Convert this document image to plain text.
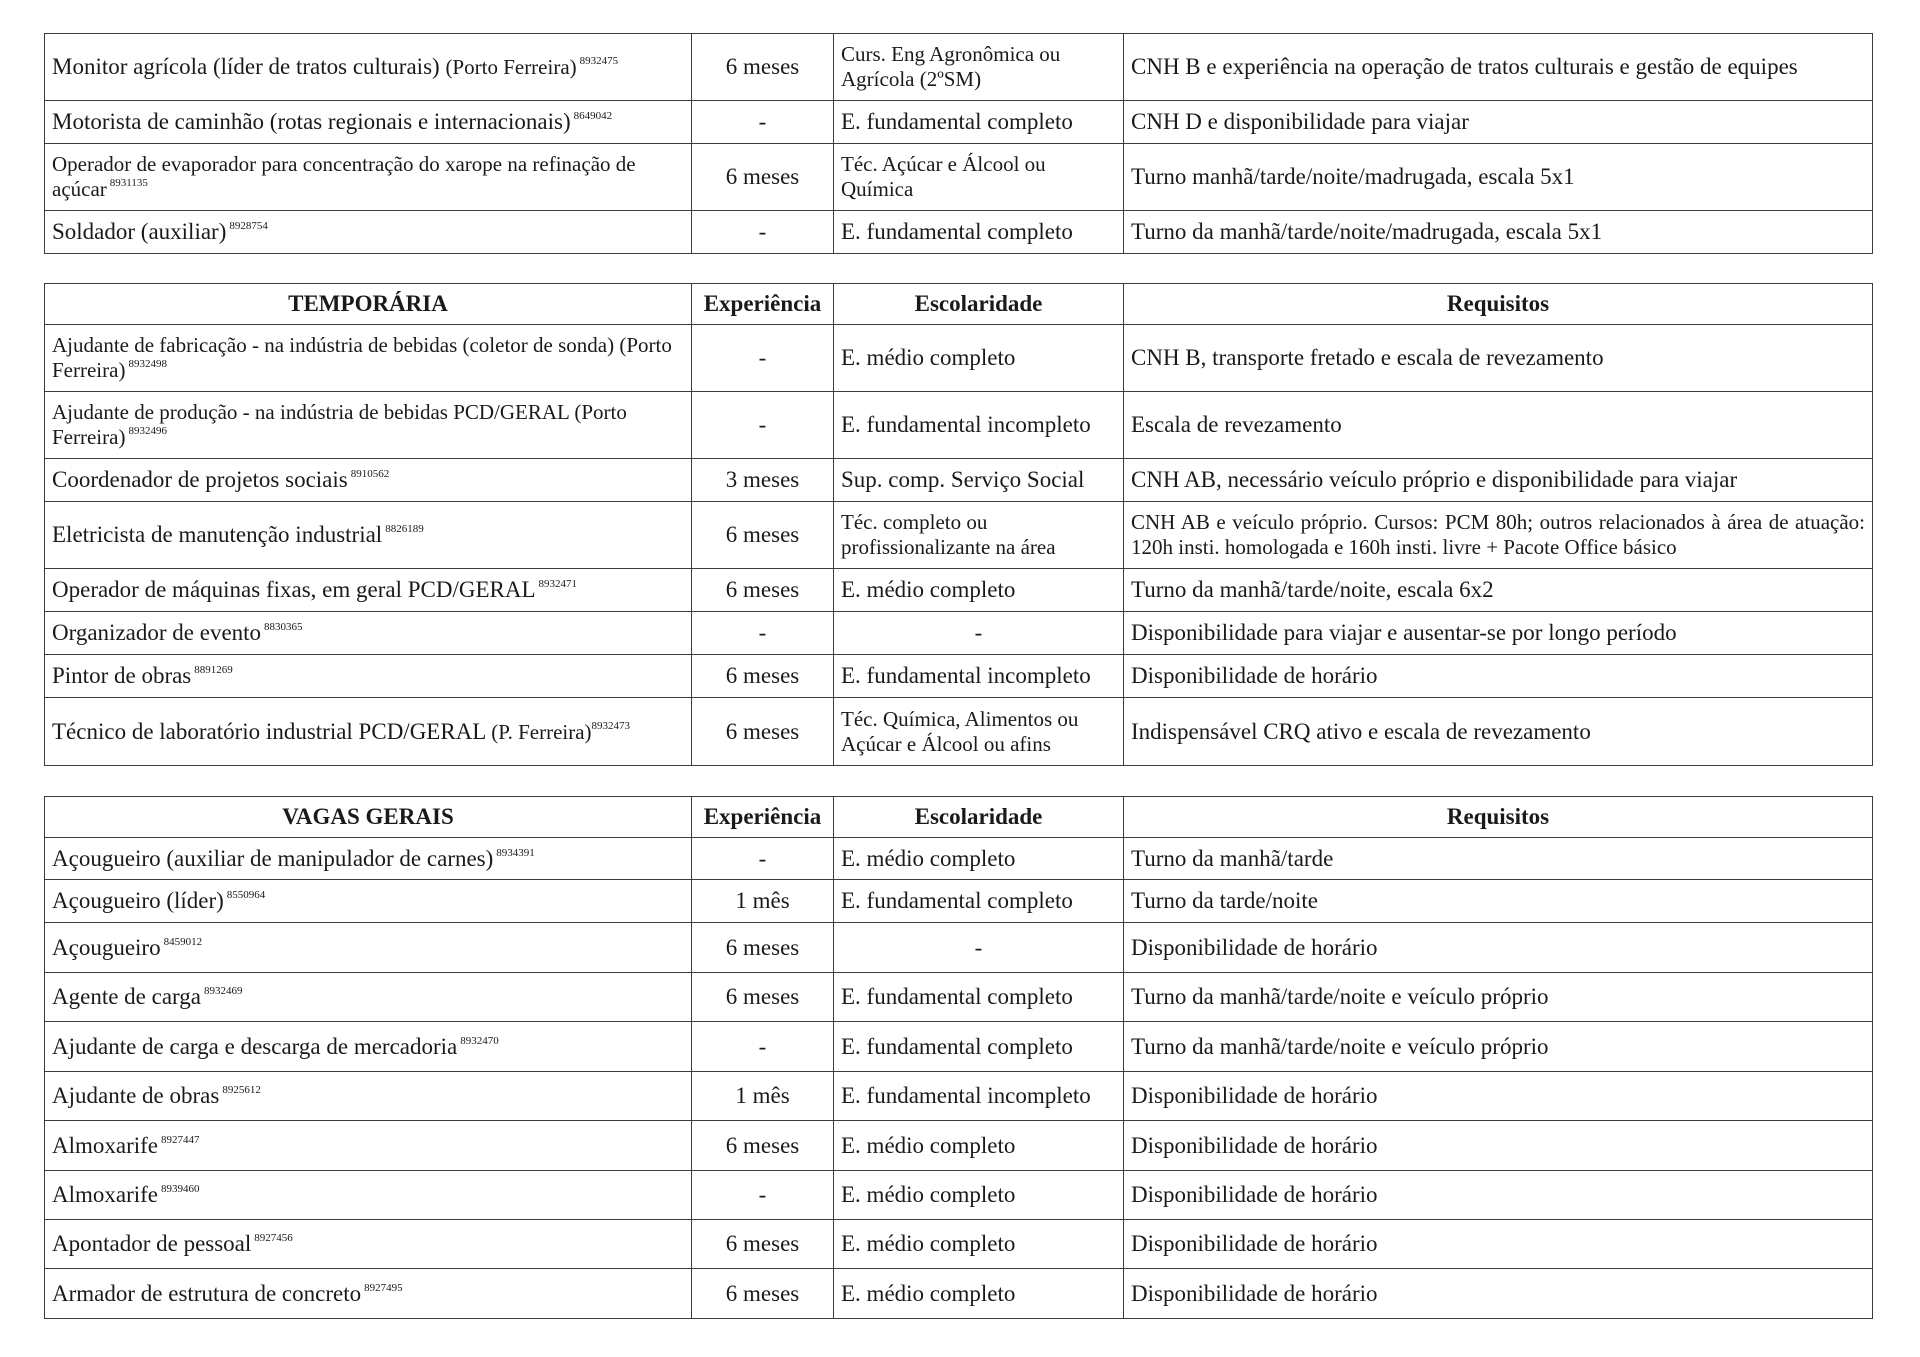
Monitor agrícola (líder de tratos culturais) (Porto Ferreira) $^{8932475}$	6 meses	Curs. Eng Agronômica ou Agrícola (2ºSM)	CNH B e experiência na operação de tratos culturais e gestão de equipes
Motorista de caminhão (rotas regionais e internacionais) $^{8649042}$	-	E. fundamental completo	CNH D e disponibilidade para viajar
Operador de evaporador para concentração do xarope na refinação de açúcar $^{8931135}$	6 meses	Téc. Açúcar e Álcool ou Química	Turno manhã/tarde/noite/madrugada, escala 5x1
Soldador (auxiliar) $^{8928754}$	-	E. fundamental completo	Turno da manhã/tarde/noite/madrugada, escala 5x1
TEMPORÁRIA	Experiência	Escolaridade	Requisitos
Ajudante de fabricação - na indústria de bebidas (coletor de sonda) (Porto Ferreira) $^{8932498}$	-	E. médio completo	CNH B, transporte fretado e escala de revezamento
Ajudante de produção - na indústria de bebidas PCD/GERAL (Porto Ferreira) $^{8932496}$	-	E. fundamental incompleto	Escala de revezamento
Coordenador de projetos sociais $^{8910562}$	3 meses	Sup. comp. Serviço Social	CNH AB, necessário veículo próprio e disponibilidade para viajar
Eletricista de manutenção industrial $^{8826189}$	6 meses	Téc. completo ou profissionalizante na área	CNH AB e veículo próprio. Cursos: PCM 80h; outros relacionados à área de atuação: 120h insti. homologada e 160h insti. livre + Pacote Office básico
Operador de máquinas fixas, em geral PCD/GERAL $^{8932471}$	6 meses	E. médio completo	Turno da manhã/tarde/noite, escala 6x2
Organizador de evento $^{8830365}$	-	-	Disponibilidade para viajar e ausentar-se por longo período
Pintor de obras $^{8891269}$	6 meses	E. fundamental incompleto	Disponibilidade de horário
Técnico de laboratório industrial PCD/GERAL (P. Ferreira)$^{8932473}$	6 meses	Téc. Química, Alimentos ou Açúcar e Álcool ou afins	Indispensável CRQ ativo e escala de revezamento
VAGAS GERAIS	Experiência	Escolaridade	Requisitos
Açougueiro (auxiliar de manipulador de carnes) $^{8934391}$	-	E. médio completo	Turno da manhã/tarde
Açougueiro (líder) $^{8550964}$	1 mês	E. fundamental completo	Turno da tarde/noite
Açougueiro $^{8459012}$	6 meses	-	Disponibilidade de horário
Agente de carga $^{8932469}$	6 meses	E. fundamental completo	Turno da manhã/tarde/noite e veículo próprio
Ajudante de carga e descarga de mercadoria $^{8932470}$	-	E. fundamental completo	Turno da manhã/tarde/noite e veículo próprio
Ajudante de obras $^{8925612}$	1 mês	E. fundamental incompleto	Disponibilidade de horário
Almoxarife $^{8927447}$	6 meses	E. médio completo	Disponibilidade de horário
Almoxarife $^{8939460}$	-	E. médio completo	Disponibilidade de horário
Apontador de pessoal $^{8927456}$	6 meses	E. médio completo	Disponibilidade de horário
Armador de estrutura de concreto $^{8927495}$	6 meses	E. médio completo	Disponibilidade de horário
